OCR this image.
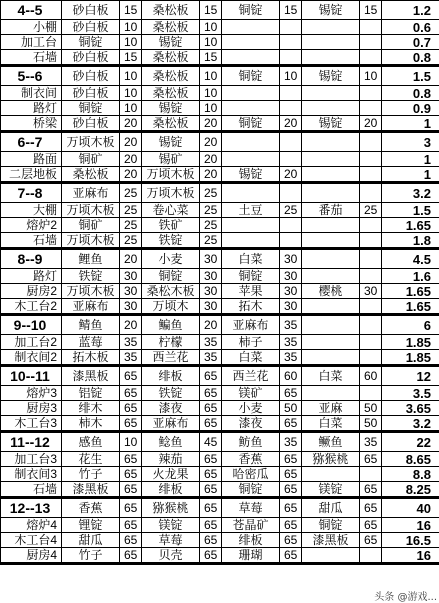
4--5	砂白板	15	桑松板	15	铜锭	15	锡锭	15	1.2
小棚	砂白板	10	桑松板	10					0.6
加工台	铜锭	10	锡锭	10					0.7
石墙	砂白板	15	桑松板	15					0.8
5--6	砂白板	10	桑松板	10	铜锭	10	锡锭	10	1.5
制衣间	砂白板	10	桑松板	10					0.8
路灯	铜锭	10	锡锭	10					0.9
桥梁	砂白板	20	桑松板	20	铜锭	20	锡锭	20	1
6--7	万顷木板	20	锡锭	20					3
路面	铜矿	20	锡矿	20					1
二层地板	桑松板	20	万顷木板	20	锡锭	20			1
7--8	亚麻布	25	万顷木板	25					3.2
大棚	万顷木板	25	卷心菜	25	土豆	25	番茄	25	1.5
熔炉2	铜矿	25	铁矿	25					1.65
石墙	万顷木板	25	铁锭	25					1.8
8--9	鲤鱼	20	小麦	30	白菜	30			4.5
路灯	铁锭	30	铜锭	30	铜锭	30			1.6
厨房2	万顷木板	30	桑松木板	30	苹果	30	樱桃	30	1.65
木工台2	亚麻布	30	万顷木	30	拓木	30			1.65
9--10	鲭鱼	20	鳊鱼	20	亚麻布	35			6
加工台2	蓝莓	35	柠檬	35	柿子	35			1.85
制衣间2	拓木板	35	西兰花	35	白菜	35			1.85
10--11	漆黑板	65	绯板	65	西兰花	60	白菜	60	12
熔炉3	铝锭	65	铁锭	65	镁矿	65			3.5
厨房3	绯木	65	漆夜	65	小麦	50	亚麻	50	3.65
木工台3	柿木	65	亚麻布	65	漆夜	65	白菜	50	3.2
11--12	感鱼	10	鲶鱼	45	鲂鱼	35	鳜鱼	35	22
加工台3	花生	65	辣茄	65	香蕉	65	猕猴桃	65	8.65
制衣间3	竹子	65	火龙果	65	哈密瓜	65			8.8
石墙	漆黑板	65	绯板	65	铜锭	65	镁锭	65	8.25
12--13	香蕉	65	猕猴桃	65	草莓	65	甜瓜	65	40
熔炉4	锂锭	65	镁锭	65	苍晶矿	65	铜锭	65	16
木工台4	甜瓜	65	草莓	65	绯板	65	漆黑板	65	16.5
厨房4	竹子	65	贝壳	65	珊瑚	65			16
头条 @游戏...
